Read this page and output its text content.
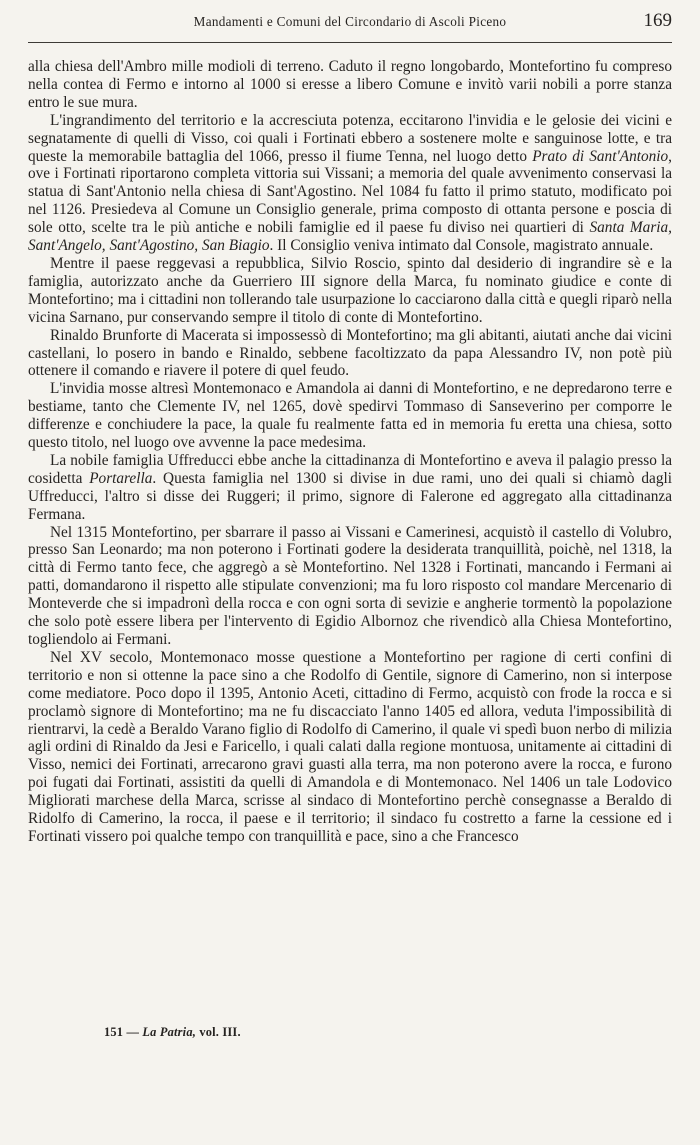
Mandamenti e Comuni del Circondario di Ascoli Piceno	169

alla chiesa dell'Ambro mille modioli di terreno. Caduto il regno longobardo, Montefortino fu compreso nella contea di Fermo e intorno al 1000 si eresse a libero Comune e invitò varii nobili a porre stanza entro le sue mura.

L'ingrandimento del territorio e la accresciuta potenza, eccitarono l'invidia e le gelosie dei vicini e segnatamente di quelli di Visso, coi quali i Fortinati ebbero a sostenere molte e sanguinose lotte, e tra queste la memorabile battaglia del 1066, presso il fiume Tenna, nel luogo detto Prato di Sant'Antonio, ove i Fortinati riportarono completa vittoria sui Vissani; a memoria del quale avvenimento conservasi la statua di Sant'Antonio nella chiesa di Sant'Agostino. Nel 1084 fu fatto il primo statuto, modificato poi nel 1126. Presiedeva al Comune un Consiglio generale, prima composto di ottanta persone e poscia di sole otto, scelte tra le più antiche e nobili famiglie ed il paese fu diviso nei quartieri di Santa Maria, Sant'Angelo, Sant'Agostino, San Biagio. Il Consiglio veniva intimato dal Console, magistrato annuale.

Mentre il paese reggevasi a repubblica, Silvio Roscio, spinto dal desiderio di ingrandire sè e la famiglia, autorizzato anche da Guerriero III signore della Marca, fu nominato giudice e conte di Montefortino; ma i cittadini non tollerando tale usurpazione lo cacciarono dalla città e quegli riparò nella vicina Sarnano, pur conservando sempre il titolo di conte di Montefortino.

Rinaldo Brunforte di Macerata si impossessò di Montefortino; ma gli abitanti, aiutati anche dai vicini castellani, lo posero in bando e Rinaldo, sebbene facoltizzato da papa Alessandro IV, non potè più ottenere il comando e riavere il potere di quel feudo.

L'invidia mosse altresì Montemonaco e Amandola ai danni di Montefortino, e ne depredarono terre e bestiame, tanto che Clemente IV, nel 1265, dovè spedirvi Tommaso di Sanseverino per comporre le differenze e conchiudere la pace, la quale fu realmente fatta ed in memoria fu eretta una chiesa, sotto questo titolo, nel luogo ove avvenne la pace medesima.

La nobile famiglia Uffreducci ebbe anche la cittadinanza di Montefortino e aveva il palagio presso la cosidetta Portarella. Questa famiglia nel 1300 si divise in due rami, uno dei quali si chiamò dagli Uffreducci, l'altro si disse dei Ruggeri; il primo, signore di Falerone ed aggregato alla cittadinanza Fermana.

Nel 1315 Montefortino, per sbarrare il passo ai Vissani e Camerinesi, acquistò il castello di Volubro, presso San Leonardo; ma non poterono i Fortinati godere la desiderata tranquillità, poichè, nel 1318, la città di Fermo tanto fece, che aggregò a sè Montefortino. Nel 1328 i Fortinati, mancando i Fermani ai patti, domandarono il rispetto alle stipulate convenzioni; ma fu loro risposto col mandare Mercenario di Monteverde che si impadronì della rocca e con ogni sorta di sevizie e angherie tormentò la popolazione che solo potè essere libera per l'intervento di Egidio Albornoz che rivendicò alla Chiesa Montefortino, togliendolo ai Fermani.

Nel XV secolo, Montemonaco mosse questione a Montefortino per ragione di certi confini di territorio e non si ottenne la pace sino a che Rodolfo di Gentile, signore di Camerino, non si interpose come mediatore. Poco dopo il 1395, Antonio Aceti, cittadino di Fermo, acquistò con frode la rocca e si proclamò signore di Montefortino; ma ne fu discacciato l'anno 1405 ed allora, veduta l'impossibilità di rientrarvi, la cedè a Beraldo Varano figlio di Rodolfo di Camerino, il quale vi spedì buon nerbo di milizia agli ordini di Rinaldo da Jesi e Faricello, i quali calati dalla regione montuosa, unitamente ai cittadini di Visso, nemici dei Fortinati, arrecarono gravi guasti alla terra, ma non poterono avere la rocca, e furono poi fugati dai Fortinati, assistiti da quelli di Amandola e di Montemonaco. Nel 1406 un tale Lodovico Migliorati marchese della Marca, scrisse al sindaco di Montefortino perchè consegnasse a Beraldo di Ridolfo di Camerino, la rocca, il paese e il territorio; il sindaco fu costretto a farne la cessione ed i Fortinati vissero poi qualche tempo con tranquillità e pace, sino a che Francesco

151 — La Patria, vol. III.
